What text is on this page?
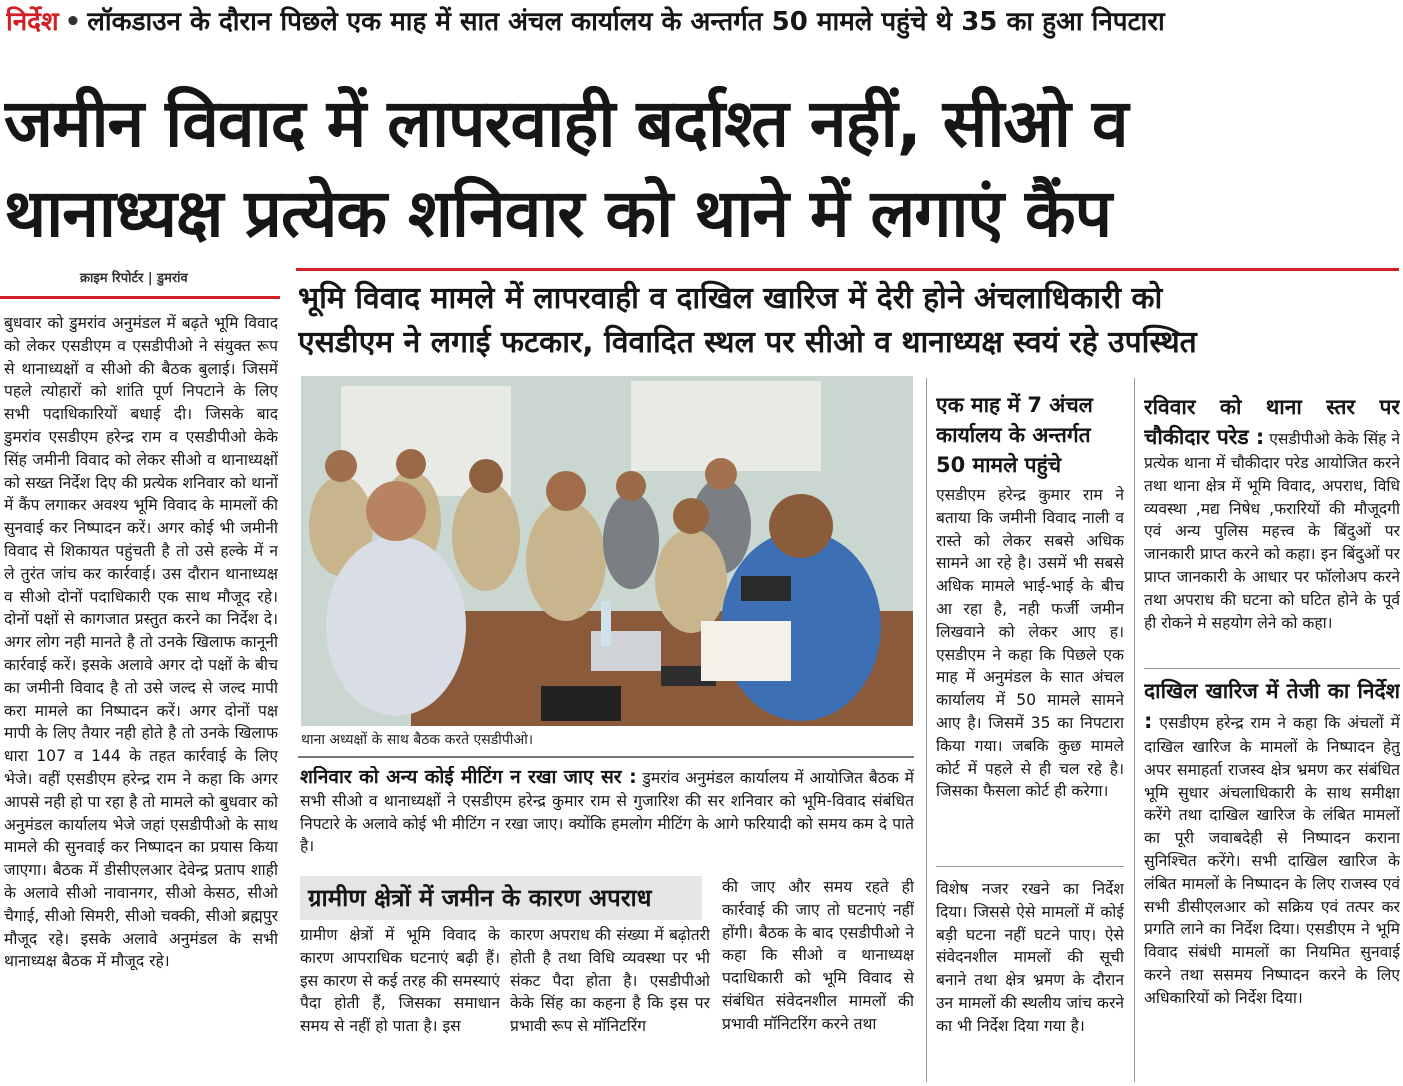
निर्देश • लॉकडाउन के दौरान पिछले एक माह में सात अंचल कार्यालय के अन्तर्गत 50 मामले पहुंचे थे 35 का हुआ निपटारा
जमीन विवाद में लापरवाही बर्दाश्त नहीं, सीओ व
थानाध्यक्ष प्रत्येक शनिवार को थाने में लगाएं कैंप
क्राइम रिपोर्टर | डुमरांव
भूमि विवाद मामले में लापरवाही व दाखिल खारिज में देरी होने अंचलाधिकारी को
एसडीएम ने लगाई फटकार, विवादित स्थल पर सीओ व थानाध्यक्ष स्वयं रहे उपस्थित
बुधवार को डुमरांव अनुमंडल में बढ़ते भूमि विवाद को लेकर एसडीएम व एसडीपीओ ने संयुक्त रूप से थानाध्यक्षों व सीओ की बैठक बुलाई। जिसमें पहले त्योहारों को शांति पूर्ण निपटाने के लिए सभी पदाधिकारियों बधाई दी। जिसके बाद डुमरांव एसडीएम हरेन्द्र राम व एसडीपीओ केके सिंह जमीनी विवाद को लेकर सीओ व थानाध्यक्षों को सख्त निर्देश दिए की प्रत्येक शनिवार को थानों में कैंप लगाकर अवश्य भूमि विवाद के मामलों की सुनवाई कर निष्पादन करें। अगर कोई भी जमीनी विवाद से शिकायत पहुंचती है तो उसे हल्के में न ले तुरंत जांच कर कार्रवाई। उस दौरान थानाध्यक्ष व सीओ दोनों पदाधिकारी एक साथ मौजूद रहे। दोनों पक्षों से कागजात प्रस्तुत करने का निर्देश दे। अगर लोग नही मानते है तो उनके खिलाफ कानूनी कार्रवाई करें। इसके अलावे अगर दो पक्षों के बीच का जमीनी विवाद है तो उसे जल्द से जल्द मापी करा मामले का निष्पादन करें। अगर दोनों पक्ष मापी के लिए तैयार नही होते है तो उनके खिलाफ धारा 107 व 144 के तहत कार्रवाई के लिए भेजे। वहीं एसडीएम हरेन्द्र राम ने कहा कि अगर आपसे नही हो पा रहा है तो मामले को बुधवार को अनुमंडल कार्यालय भेजे जहां एसडीपीओ के साथ मामले की सुनवाई कर निष्पादन का प्रयास किया जाएगा। बैठक में डीसीएलआर देवेन्द्र प्रताप शाही के अलावे सीओ नावानगर, सीओ केसठ, सीओ चैगाई, सीओ सिमरी, सीओ चक्की, सीओ ब्रह्मपुर मौजूद रहे। इसके अलावे अनुमंडल के सभी थानाध्यक्ष बैठक में मौजूद रहे।
थाना अध्यक्षों के साथ बैठक करते एसडीपीओ।
शनिवार को अन्य कोई मीटिंग न रखा जाए सर : डुमरांव अनुमंडल कार्यालय में आयोजित बैठक में सभी सीओ व थानाध्यक्षों ने एसडीएम हरेन्द्र कुमार राम से गुजारिश की सर शनिवार को भूमि-विवाद संबंधित निपटारे के अलावे कोई भी मीटिंग न रखा जाए। क्योंकि हमलोग मीटिंग के आगे फरियादी को समय कम दे पाते है।
ग्रामीण क्षेत्रों में जमीन के कारण अपराध
ग्रामीण क्षेत्रों में भूमि विवाद के कारण आपराधिक घटनाएं बढ़ी हैं। इस कारण से कई तरह की समस्याएं पैदा होती हैं, जिसका समाधान समय से नहीं हो पाता है। इस
कारण अपराध की संख्या में बढ़ोतरी होती है तथा विधि व्यवस्था पर भी संकट पैदा होता है। एसडीपीओ केके सिंह का कहना है कि इस पर प्रभावी रूप से मॉनिटरिंग
की जाए और समय रहते ही कार्रवाई की जाए तो घटनाएं नहीं होंगी। बैठक के बाद एसडीपीओ ने कहा कि सीओ व थानाध्यक्ष पदाधिकारी को भूमि विवाद से संबंधित संवेदनशील मामलों की प्रभावी मॉनिटरिंग करने तथा
एक माह में 7 अंचल कार्यालय के अन्तर्गत 50 मामले पहुंचे
एसडीएम हरेन्द्र कुमार राम ने बताया कि जमीनी विवाद नाली व रास्ते को लेकर सबसे अधिक सामने आ रहे है। उसमें भी सबसे अधिक मामले भाई-भाई के बीच आ रहा है, नही फर्जी जमीन लिखवाने को लेकर आए ह। एसडीएम ने कहा कि पिछले एक माह में अनुमंडल के सात अंचल कार्यालय में 50 मामले सामने आए है। जिसमें 35 का निपटारा किया गया। जबकि कुछ मामले कोर्ट में पहले से ही चल रहे है। जिसका फैसला कोर्ट ही करेगा।
विशेष नजर रखने का निर्देश दिया। जिससे ऐसे मामलों में कोई बड़ी घटना नहीं घटने पाए। ऐसे संवेदनशील मामलों की सूची बनाने तथा क्षेत्र भ्रमण के दौरान उन मामलों की स्थलीय जांच करने का भी निर्देश दिया गया है।
रविवार को थाना स्तर पर चौकीदार परेड : एसडीपीओ केके सिंह ने प्रत्येक थाना में चौकीदार परेड आयोजित करने तथा थाना क्षेत्र में भूमि विवाद, अपराध, विधि व्यवस्था ,मद्य निषेध ,फरारियों की मौजूदगी एवं अन्य पुलिस महत्त्व के बिंदुओं पर जानकारी प्राप्त करने को कहा। इन बिंदुओं पर प्राप्त जानकारी के आधार पर फॉलोअप करने तथा अपराध की घटना को घटित होने के पूर्व ही रोकने मे सहयोग लेने को कहा।
दाखिल खारिज में तेजी का निर्देश : एसडीएम हरेन्द्र राम ने कहा कि अंचलों में दाखिल खारिज के मामलों के निष्पादन हेतु अपर समाहर्ता राजस्व क्षेत्र भ्रमण कर संबंधित भूमि सुधार अंचलाधिकारी के साथ समीक्षा करेंगे तथा दाखिल खारिज के लंबित मामलों का पूरी जवाबदेही से निष्पादन कराना सुनिश्चित करेंगे। सभी दाखिल खारिज के लंबित मामलों के निष्पादन के लिए राजस्व एवं सभी डीसीएलआर को सक्रिय एवं तत्पर कर प्रगति लाने का निर्देश दिया। एसडीएम ने भूमि विवाद संबंधी मामलों का नियमित सुनवाई करने तथा ससमय निष्पादन करने के लिए अधिकारियों को निर्देश दिया।
